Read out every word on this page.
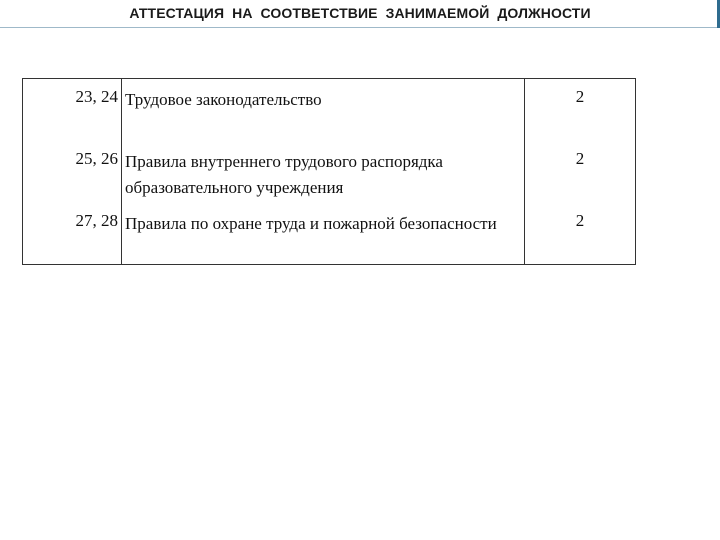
АТТЕСТАЦИЯ  НА  СООТВЕТСТВИЕ  ЗАНИМАЕМОЙ  ДОЛЖНОСТИ
23, 24	Трудовое законодательство	2
25, 26	Правила внутреннего трудового распорядка образовательного учреждения	2
27, 28	Правила по охране труда и пожарной безопасности	2
